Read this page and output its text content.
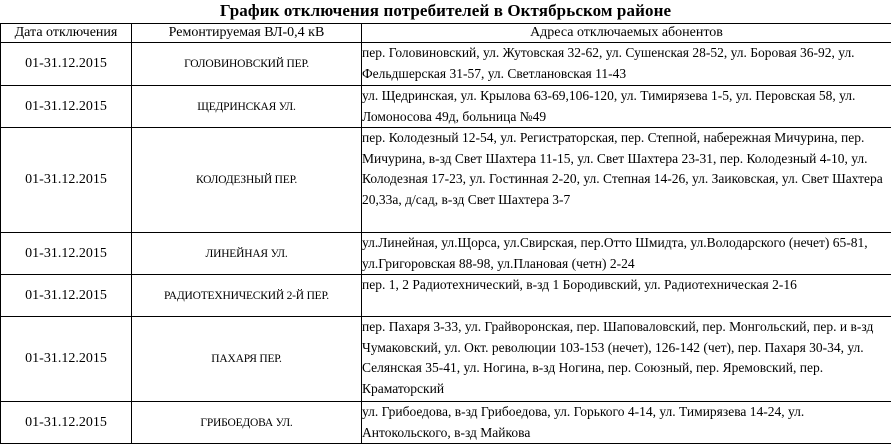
График отключения потребителей в Октябрьском районе
Дата отключения	Ремонтируемая ВЛ-0,4 кВ	Адреса отключаемых абонентов
01-31.12.2015	ГОЛОВИНОВСКИЙ ПЕР.	пер. Головиновский, ул. Жутовская 32-62, ул. Сушенская 28-52, ул. Боровая 36-92, ул. Фельдшерская 31-57, ул. Светлановская 11-43
01-31.12.2015	ЩЕДРИНСКАЯ УЛ.	ул. Щедринская, ул. Крылова 63-69,106-120, ул. Тимирязева 1-5, ул. Перовская 58, ул. Ломоносова 49д, больница №49
01-31.12.2015	КОЛОДЕЗНЫЙ ПЕР.	пер. Колодезный 12-54, ул. Регистраторская, пер. Степной, набережная Мичурина, пер. Мичурина, в-зд Свет Шахтера 11-15, ул. Свет Шахтера 23-31, пер. Колодезный 4-10, ул. Колодезная 17-23, ул. Гостинная 2-20, ул. Степная 14-26, ул. Заиковская, ул. Свет Шахтера 20,33а, д/сад, в-зд Свет Шахтера 3-7
01-31.12.2015	ЛИНЕЙНАЯ УЛ.	ул.Линейная, ул.Щорса, ул.Свирская, пер.Отто Шмидта, ул.Володарского (нечет) 65-81, ул.Григоровская 88-98, ул.Плановая (четн) 2-24
01-31.12.2015	РАДИОТЕХНИЧЕСКИЙ 2-Й ПЕР.	пер. 1, 2 Радиотехнический, в-зд 1 Бородивский, ул. Радиотехническая 2-16
01-31.12.2015	ПАХАРЯ ПЕР.	пер. Пахаря 3-33, ул. Грайворонская, пер. Шаповаловский, пер. Монгольский, пер. и в-зд Чумаковский, ул. Окт. революции 103-153 (нечет), 126-142 (чет), пер. Пахаря 30-34, ул. Селянская 35-41, ул. Ногина, в-зд Ногина, пер. Союзный, пер. Яремовский, пер. Краматорский
01-31.12.2015	ГРИБОЕДОВА УЛ.	ул. Грибоедова, в-зд Грибоедова, ул. Горького 4-14, ул. Тимирязева 14-24, ул. Антокольского, в-зд Майкова
